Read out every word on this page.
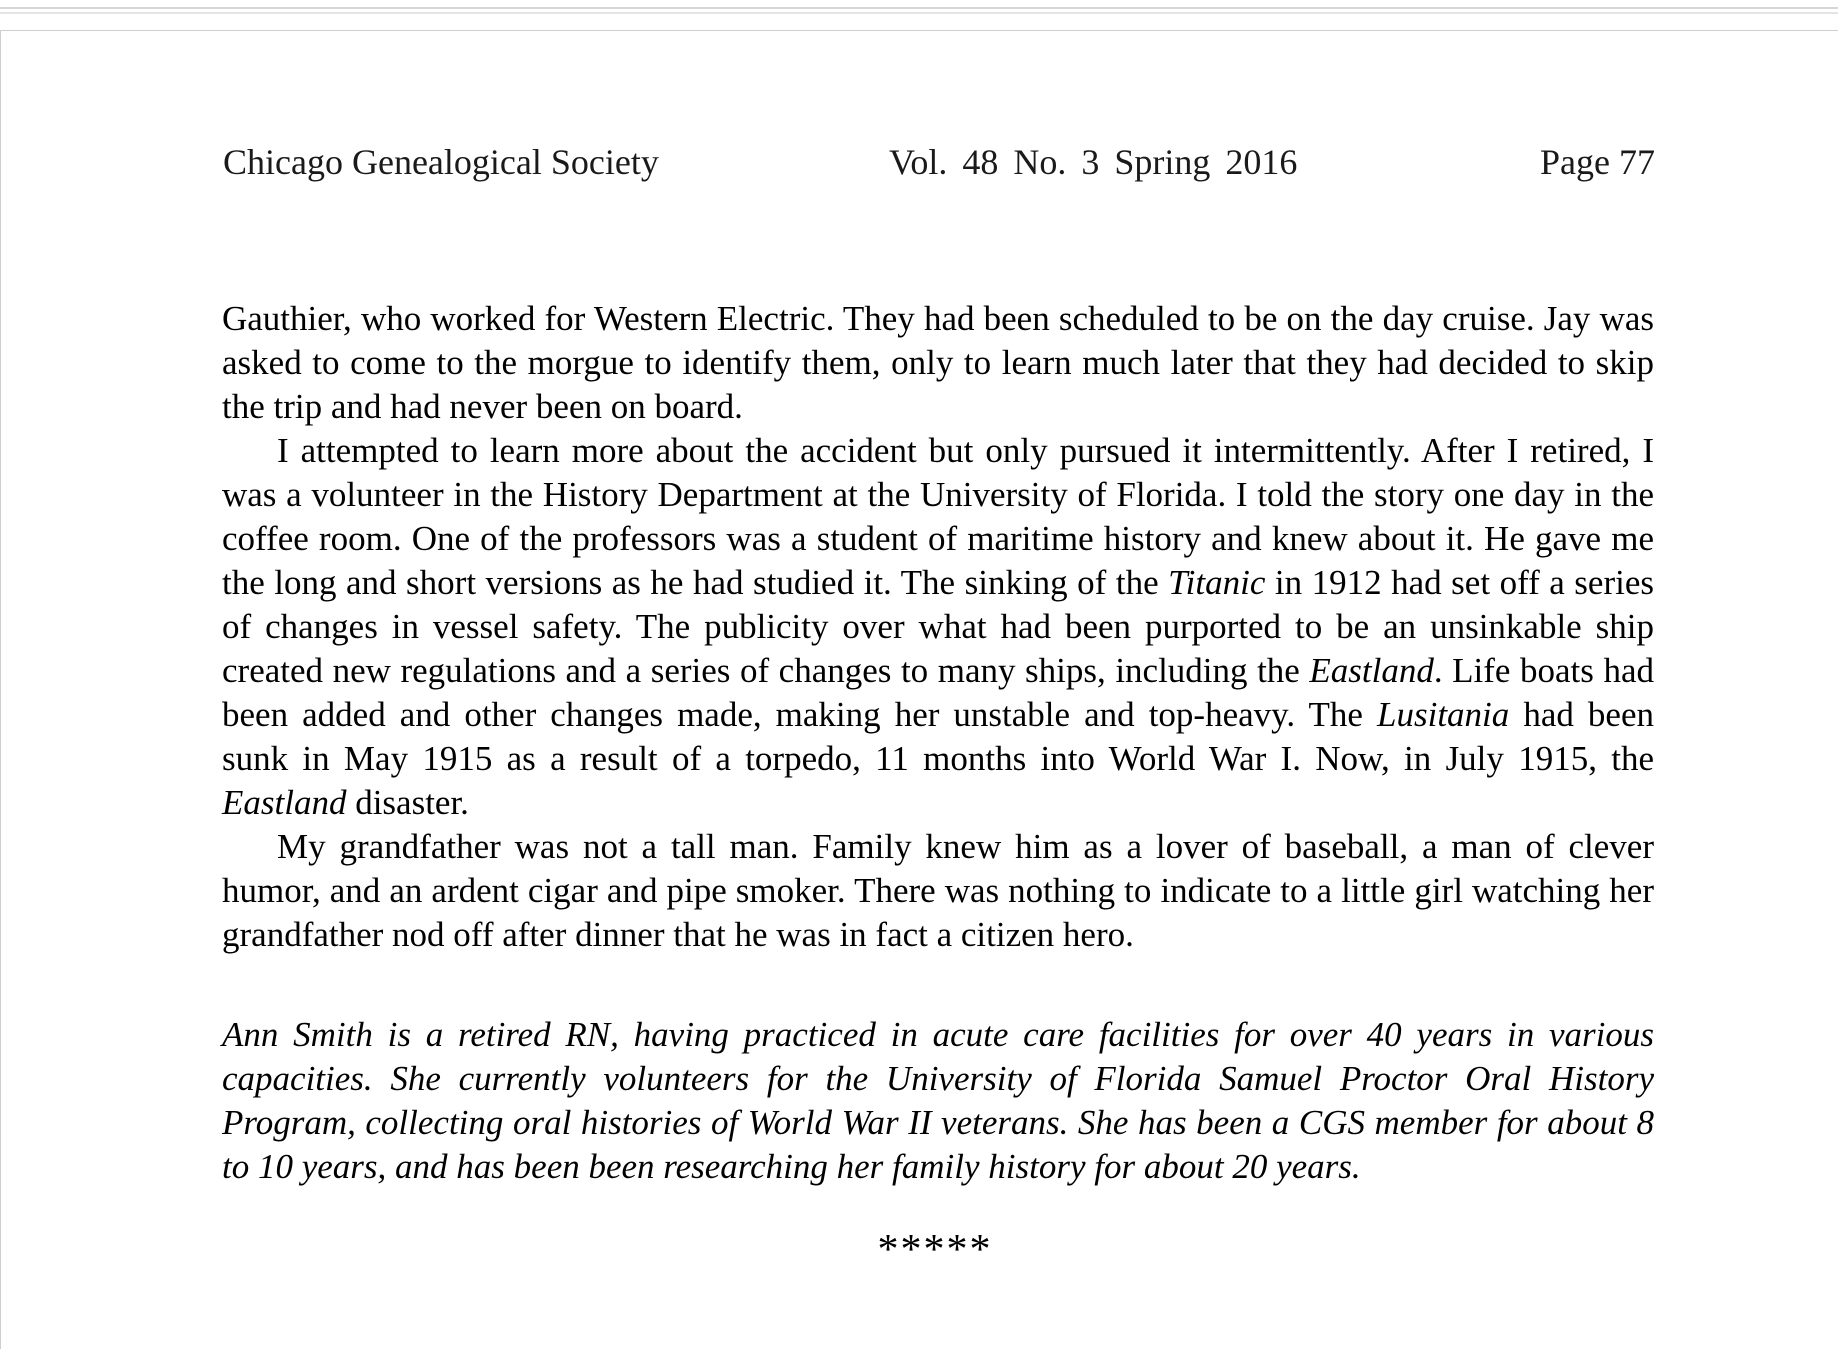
Chicago Genealogical Society	Vol. 48 No. 3 Spring 2016	Page 77

Gauthier, who worked for Western Electric. They had been scheduled to be on the day cruise. Jay was asked to come to the morgue to identify them, only to learn much later that they had decided to skip the trip and had never been on board.

I attempted to learn more about the accident but only pursued it intermittently. After I retired, I was a volunteer in the History Department at the University of Florida. I told the story one day in the coffee room. One of the professors was a student of maritime history and knew about it. He gave me the long and short versions as he had studied it. The sinking of the Titanic in 1912 had set off a series of changes in vessel safety. The publicity over what had been purported to be an unsinkable ship created new regulations and a series of changes to many ships, including the Eastland. Life boats had been added and other changes made, making her unstable and top-heavy. The Lusitania had been sunk in May 1915 as a result of a torpedo, 11 months into World War I. Now, in July 1915, the Eastland disaster.

My grandfather was not a tall man. Family knew him as a lover of baseball, a man of clever humor, and an ardent cigar and pipe smoker. There was nothing to indicate to a little girl watching her grandfather nod off after dinner that he was in fact a citizen hero.

Ann Smith is a retired RN, having practiced in acute care facilities for over 40 years in various capacities. She currently volunteers for the University of Florida Samuel Proctor Oral History Program, collecting oral histories of World War II veterans. She has been a CGS member for about 8 to 10 years, and has been been researching her family history for about 20 years.

*****
